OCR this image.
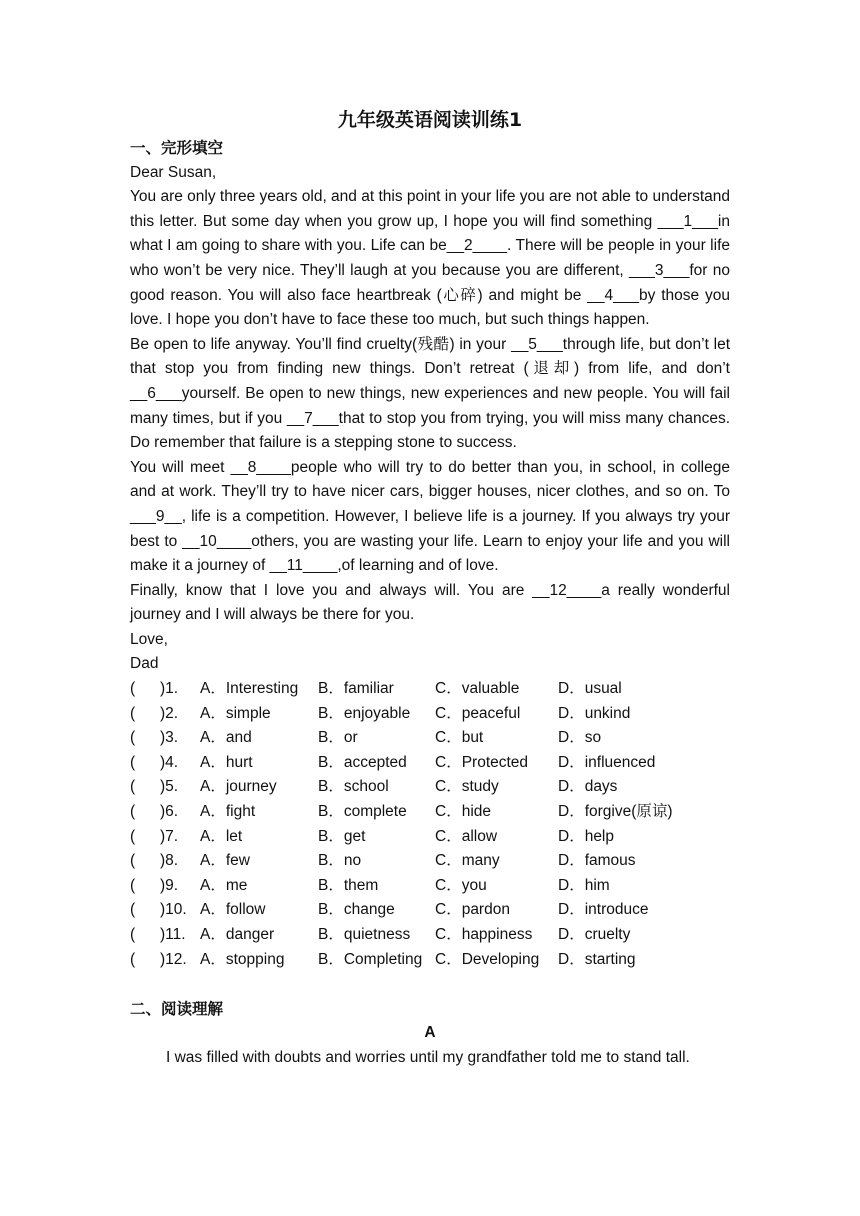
九年级英语阅读训练1
一、完形填空
Dear Susan,

You are only three years old, and at this point in your life you are not able to understand this letter. But some day when you grow up, I hope you will find something ___1___in what I am going to share with you. Life can be__2____. There will be people in your life who won’t be very nice. They’ll laugh at you because you are different, ___3___for no good reason. You will also face heartbreak (心碎) and might be __4___by those you love. I hope you don’t have to face these too much, but such things happen.

Be open to life anyway. You’ll find cruelty(残酷) in your __5___through life, but don’t let that stop you from finding new things. Don’t retreat (退却) from life, and don’t __6___yourself. Be open to new things, new experiences and new people. You will fail many times, but if you __7___that to stop you from trying, you will miss many chances. Do remember that failure is a stepping stone to success.

You will meet __8____people who will try to do better than you, in school, in college and at work. They’ll try to have nicer cars, bigger houses, nicer clothes, and so on. To ___9__, life is a competition. However, I believe life is a journey. If you always try your best to __10____others, you are wasting your life. Learn to enjoy your life and you will make it a journey of __11____,of learning and of love.

Finally, know that I love you and always will. You are __12____a really wonderful journey and I will always be there for you.

Love,
Dad
( )1. A．Interesting B．familiar	C．valuable D．usual
( )2. A．simple	B．enjoyable C．peaceful D．unkind
( )3. A．and	B．or	C．but	D．so
( )4. A．hurt	B．accepted C．Protected D．influenced
( )5. A．journey	B．school	C．study	D．days
( )6. A．fight	B．complete C．hide	D．forgive(原谅)
( )7. A．let	B．get	C．allow	D．help
( )8. A．few	B．no	C．many	D．famous
( )9. A．me	B．them	C．you	D．him
( )10. A．follow	B．change	C．pardon	D．introduce
( )11. A．danger	B．quietness C．happiness D．cruelty
( )12. A．stopping B．Completing C．Developing D．starting
二、阅读理解
A
I was filled with doubts and worries until my grandfather told me to stand tall.
